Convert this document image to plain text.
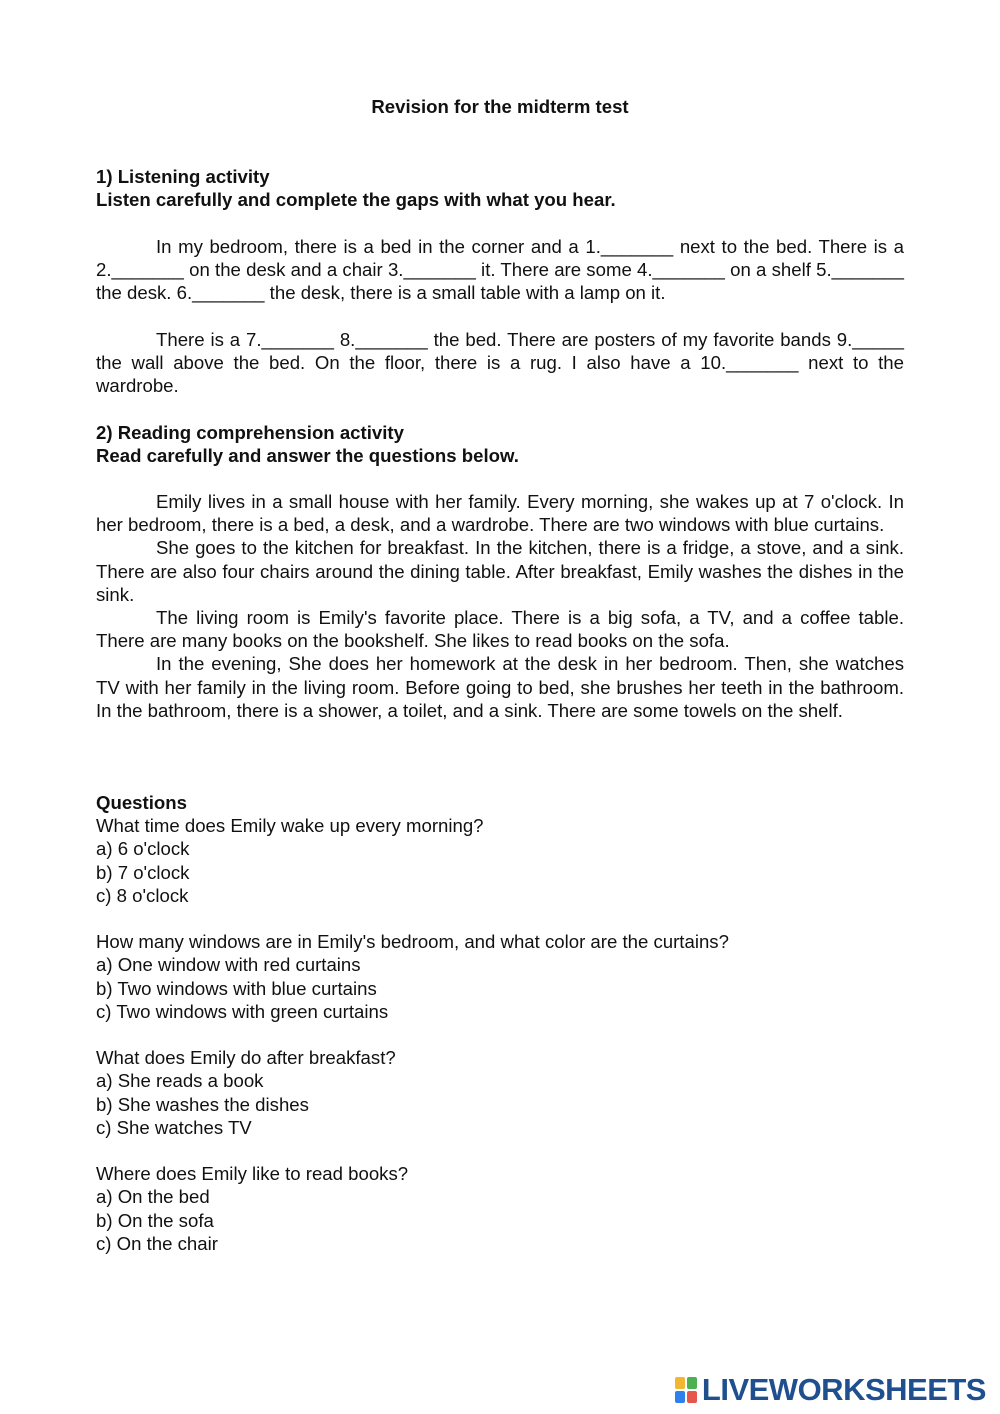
Revision for the midterm test
1) Listening activity
Listen carefully and complete the gaps with what you hear.

In my bedroom, there is a bed in the corner and a 1._______ next to the bed. There is a 2._______ on the desk and a chair 3._______ it. There are some 4._______ on a shelf 5._______ the desk. 6._______ the desk, there is a small table with a lamp on it.

There is a 7._______ 8._______ the bed. There are posters of my favorite bands 9._____ the wall above the bed. On the floor, there is a rug. I also have a 10._______ next to the wardrobe.

2) Reading comprehension activity
Read carefully and answer the questions below.

Emily lives in a small house with her family. Every morning, she wakes up at 7 o'clock. In her bedroom, there is a bed, a desk, and a wardrobe. There are two windows with blue curtains.

She goes to the kitchen for breakfast. In the kitchen, there is a fridge, a stove, and a sink. There are also four chairs around the dining table. After breakfast, Emily washes the dishes in the sink.

The living room is Emily's favorite place. There is a big sofa, a TV, and a coffee table. There are many books on the bookshelf. She likes to read books on the sofa.

In the evening, She does her homework at the desk in her bedroom. Then, she watches TV with her family in the living room. Before going to bed, she brushes her teeth in the bathroom. In the bathroom, there is a shower, a toilet, and a sink. There are some towels on the shelf.

Questions
What time does Emily wake up every morning?
a) 6 o'clock
b) 7 o'clock
c) 8 o'clock
How many windows are in Emily's bedroom, and what color are the curtains?
a) One window with red curtains
b) Two windows with blue curtains
c) Two windows with green curtains
What does Emily do after breakfast?
a) She reads a book
b) She washes the dishes
c) She watches TV
Where does Emily like to read books?
a) On the bed
b) On the sofa
c) On the chair
LIVEWORKSHEETS
